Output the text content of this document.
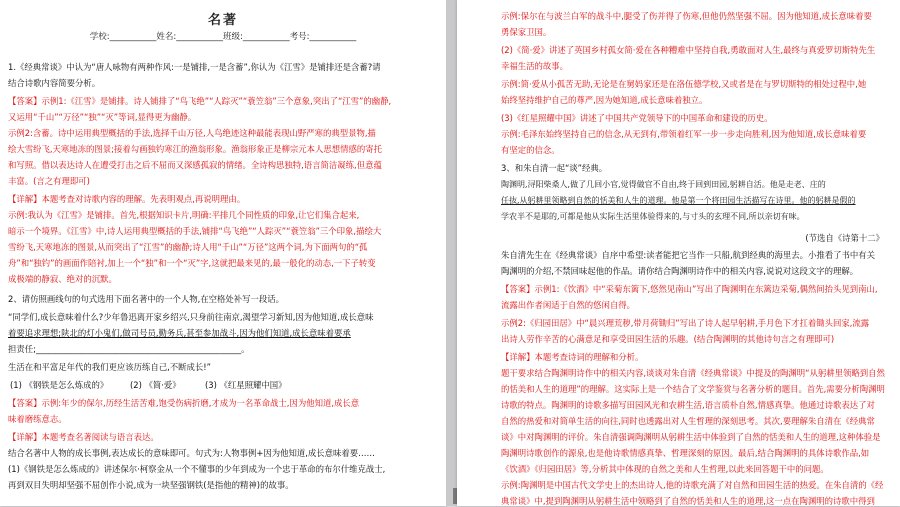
名著
学校:___________姓名:___________班级:___________考号:___________
1.《经典常谈》中认为“唐人咏物有两种作风:一是铺排,一是含蓄”,你认为《江雪》是铺排还是含蓄?请
结合诗歌内容简要分析。
【答案】示例1:《江雪》是铺排。诗人铺排了“鸟飞绝”“人踪灭”“蓑笠翁”三个意象,突出了“江雪”的幽静,
又运用“千山”“万径”“独”“灭”等词,显得更为幽静。
示例2:含蓄。诗中运用典型概括的手法,选择千山万径,人鸟绝迹这种最能表现山野严寒的典型景物,描
绘大雪纷飞,天寒地冻的图景;接着勾画独钓寒江的渔翁形象。渔翁形象正是柳宗元本人思想情感的寄托
和写照。借以表达诗人在遭受打击之后不屈而又深感孤寂的情绪。全诗构思独特,语言简洁凝练,但意蕴
丰富。(言之有理即可)
【详解】本题考查对诗歌内容的理解。先表明观点,再说明理由。
示例:我认为《江雪》是铺排。首先,根据知识卡片,明确:平排几个同性质的印象,让它们集合起来,
暗示一个境界。《江雪》中,诗人运用典型概括的手法,铺排“鸟飞绝”“人踪灭”“蓑笠翁”三个印象,描绘大
雪纷飞,天寒地冻的图景,从而突出了“江雪”的幽静;诗人用“千山”“万径”这两个词,为下面两句的“孤
舟”和“独钓”的画面作陪衬,加上一个“独”和一个“灭”字,这就把最来见的,最一般化的动态,一下子转变
成极端的静寂、绝对的沉默。
2、请仿照画线句的句式选用下面名著中的一个人物,在空格处补写一段话。
“同学们,成长意味着什么?少年鲁迅离开家乡绍兴,只身前往南京,渴望学习新知,因为他知道,成长意味
着要追求理想;陕北的灯小鬼们,做司号员,勤务兵,甚至参加战斗,因为他们知道,成长意味着要承
担责任;_________________________________________________。
生活在和平富足年代的我们更应该历练自己,不断成长!”
(1) 《钢铁是怎么炼成的》	(2) 《简·爱》	(3) 《红星照耀中国》
【答案】示例:年少的保尔,历经生活苦难,饱受伤病折磨,才成为一名革命战士,因为他知道,成长意
味着磨练意志。
【详解】本题考查名著阅读与语言表达。
结合名著中人物的成长事例,表达成长的意味即可。句式为:人物事例+因为他知道,成长意味着要……
(1)《钢铁是怎么炼成的》讲述保尔·柯察金从一个不懂事的少年到成为一个忠于革命的布尔什维克战士,
再到双目失明却坚强不屈创作小说,成为一块坚强钢铁(是指他的精神)的故事。
示例:保尔在与波兰白军的战斗中,腿受了伤并得了伤寒,但他仍然坚强不屈。因为他知道,成长意味着要
勇保家卫国。
(2)《简·爱》讲述了英国乡村孤女简·爱在各种糟难中坚持自我,勇敢面对人生,最终与真爱罗切斯特先生
幸福生活的故事。
示例:简·爱从小孤苦无助,无论是在舅妈家还是在洛伍德学校,又或者是在与罗切斯特的相处过程中,她
始终坚持维护自己的尊严,因为她知道,成长意味着独立。
(3)《红星照耀中国》讲述了中国共产党领导下的中国革命和建设的历史。
示例:毛泽东始终坚持自己的信念,从无到有,带领着红军一步一步走向胜利,因为他知道,成长意味着要
有坚定的信念。
3、和朱自清一起“谈”经典。
陶渊明,浔阳柴桑人,做了几回小官,觉得做官不自由,终于回到田园,躬耕自活。他是走老、庄的
任抜,从躬耕里领略到自然的恬美和人生的道理。他是第一个将田园生活描写在诗里。他的躬耕是假的
学农半不是耶的,可都是他从实际生活里体验得来的,与寸头的玄理不同,所以亲切有味。
(节选自《诗第十二》
朱自清先生在《经典常谈》自序中希望:读者能把它当作一只船,航到经典的海里去。小推看了书中有关
陶渊明的介绍,不禁回味起他的作品。请你结合陶渊明诗作中的相关内容,说说对这段文字的理解。
【答案】示例1:《饮酒》中“采菊东篱下,悠然见南山”写出了陶渊明在东篱边采菊,偶然间抬头见到南山,
流露出作者闲适于自然的悠闲自得。
示例2:《归园田居》中“晨兴理荒秽,带月荷锄归”写出了诗人起早躬耕,手月色下才扛着锄头回家,流露
出诗人劳作辛苦的心满意足和享受田园生活的乐趣。(结合陶渊明的其他诗句言之有理即可)
【详解】本题考查诗词的理解和分析。
题干要求结合陶渊明诗作中的相关内容,谈谈对朱自清《经典常谈》中提及的陶渊明“从躬耕里领略到自然
的恬美和人生的道理”的理解。这实际上是一个结合了文学鉴赏与名著分析的题目。首先,需要分析陶渊明
诗歌的特点。陶渊明的诗歌多描写田园风光和农耕生活,语言质朴自然,情感真挚。他通过诗歌表达了对
自然的热爱和对简单生活的向往,同时也透露出对人生哲理的深刻思考。其次,要理解朱自清在《经典常
谈》中对陶渊明的评价。朱自清强调陶渊明从躬耕生活中体验到了自然的恬美和人生的道理,这种体验是
陶渊明诗歌创作的源泉,也是他诗歌情感真挚、哲理深刻的原因。最后,结合陶渊明的具体诗歌作品,如
《饮酒》《归园田居》等,分析其中体现的自然之美和人生哲理,以此来回答题干中的问题。
示例:陶渊明是中国古代文学史上的杰出诗人,他的诗歌充满了对自然和田园生活的热爱。在朱自清的《经
典常谈》中,提到陶渊明从躬耕生活中领略到了自然的恬美和人生的道理,这一点在陶渊明的诗歌中得到
